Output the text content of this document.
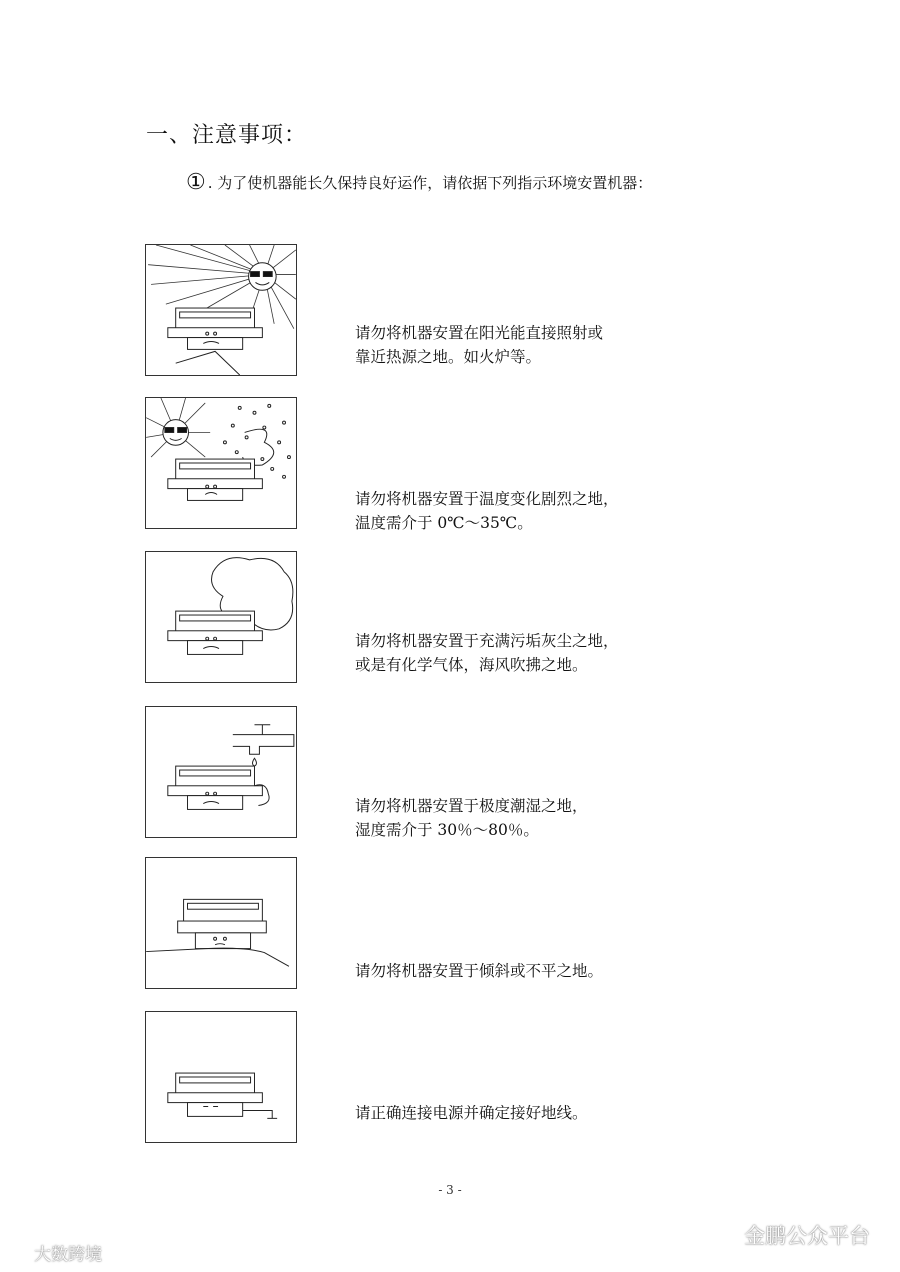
一、注意事项：
① . 为了使机器能长久保持良好运作，请依据下列指示环境安置机器：
请勿将机器安置在阳光能直接照射或
靠近热源之地。如火炉等。
请勿将机器安置于温度变化剧烈之地，
温度需介于 0℃～35℃。
请勿将机器安置于充满污垢灰尘之地，
或是有化学气体，海风吹拂之地。
请勿将机器安置于极度潮湿之地，
湿度需介于 30％～80％。
请勿将机器安置于倾斜或不平之地。
请正确连接电源并确定接好地线。
- 3 -
大数跨境
金鹏公众平台
